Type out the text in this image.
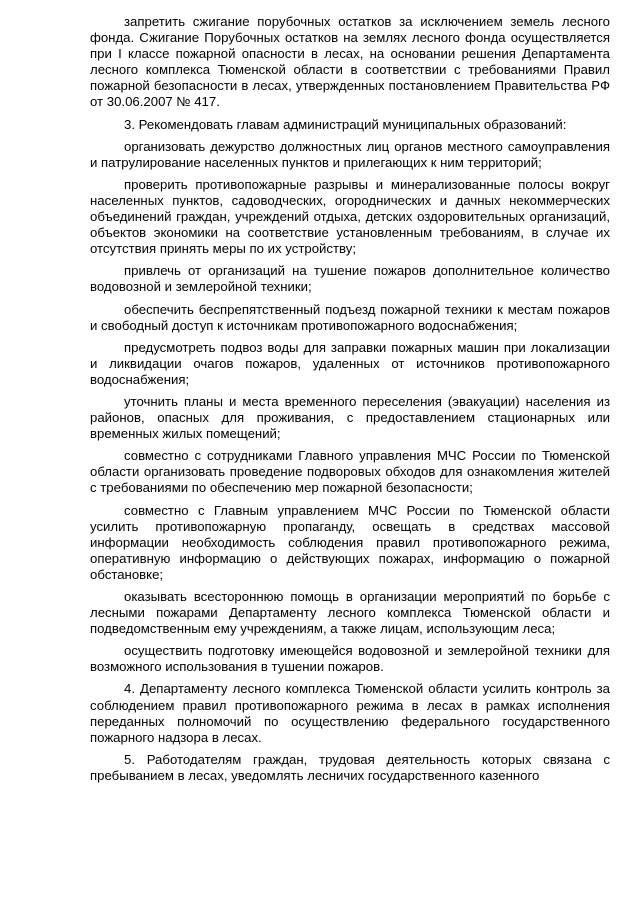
запретить сжигание порубочных остатков за исключением земель лесного фонда. Сжигание Порубочных остатков на землях лесного фонда осуществляется при I классе пожарной опасности в лесах, на основании решения Департамента лесного комплекса Тюменской области в соответствии с требованиями Правил пожарной безопасности в лесах, утвержденных постановлением Правительства РФ от 30.06.2007 № 417.

3. Рекомендовать главам администраций муниципальных образований:

организовать дежурство должностных лиц органов местного самоуправления и патрулирование населенных пунктов и прилегающих к ним территорий;

проверить противопожарные разрывы и минерализованные полосы вокруг населенных пунктов, садоводческих, огороднических и дачных некоммерческих объединений граждан, учреждений отдыха, детских оздоровительных организаций, объектов экономики на соответствие установленным требованиям, в случае их отсутствия принять меры по их устройству;

привлечь от организаций на тушение пожаров дополнительное количество водовозной и землеройной техники;

обеспечить беспрепятственный подъезд пожарной техники к местам пожаров и свободный доступ к источникам противопожарного водоснабжения;

предусмотреть подвоз воды для заправки пожарных машин при локализации и ликвидации очагов пожаров, удаленных от источников противопожарного водоснабжения;

уточнить планы и места временного переселения (эвакуации) населения из районов, опасных для проживания, с предоставлением стационарных или временных жилых помещений;

совместно с сотрудниками Главного управления МЧС России по Тюменской области организовать проведение подворовых обходов для ознакомления жителей с требованиями по обеспечению мер пожарной безопасности;

совместно с Главным управлением МЧС России по Тюменской области усилить противопожарную пропаганду, освещать в средствах массовой информации необходимость соблюдения правил противопожарного режима, оперативную информацию о действующих пожарах, информацию о пожарной обстановке;

оказывать всестороннюю помощь в организации мероприятий по борьбе с лесными пожарами Департаменту лесного комплекса Тюменской области и подведомственным ему учреждениям, а также лицам, использующим леса;

осуществить подготовку имеющейся водовозной и землеройной техники для возможного использования в тушении пожаров.

4. Департаменту лесного комплекса Тюменской области усилить контроль за соблюдением правил противопожарного режима в лесах в рамках исполнения переданных полномочий по осуществлению федерального государственного пожарного надзора в лесах.

5. Работодателям граждан, трудовая деятельность которых связана с пребыванием в лесах, уведомлять лесничих государственного казенного
